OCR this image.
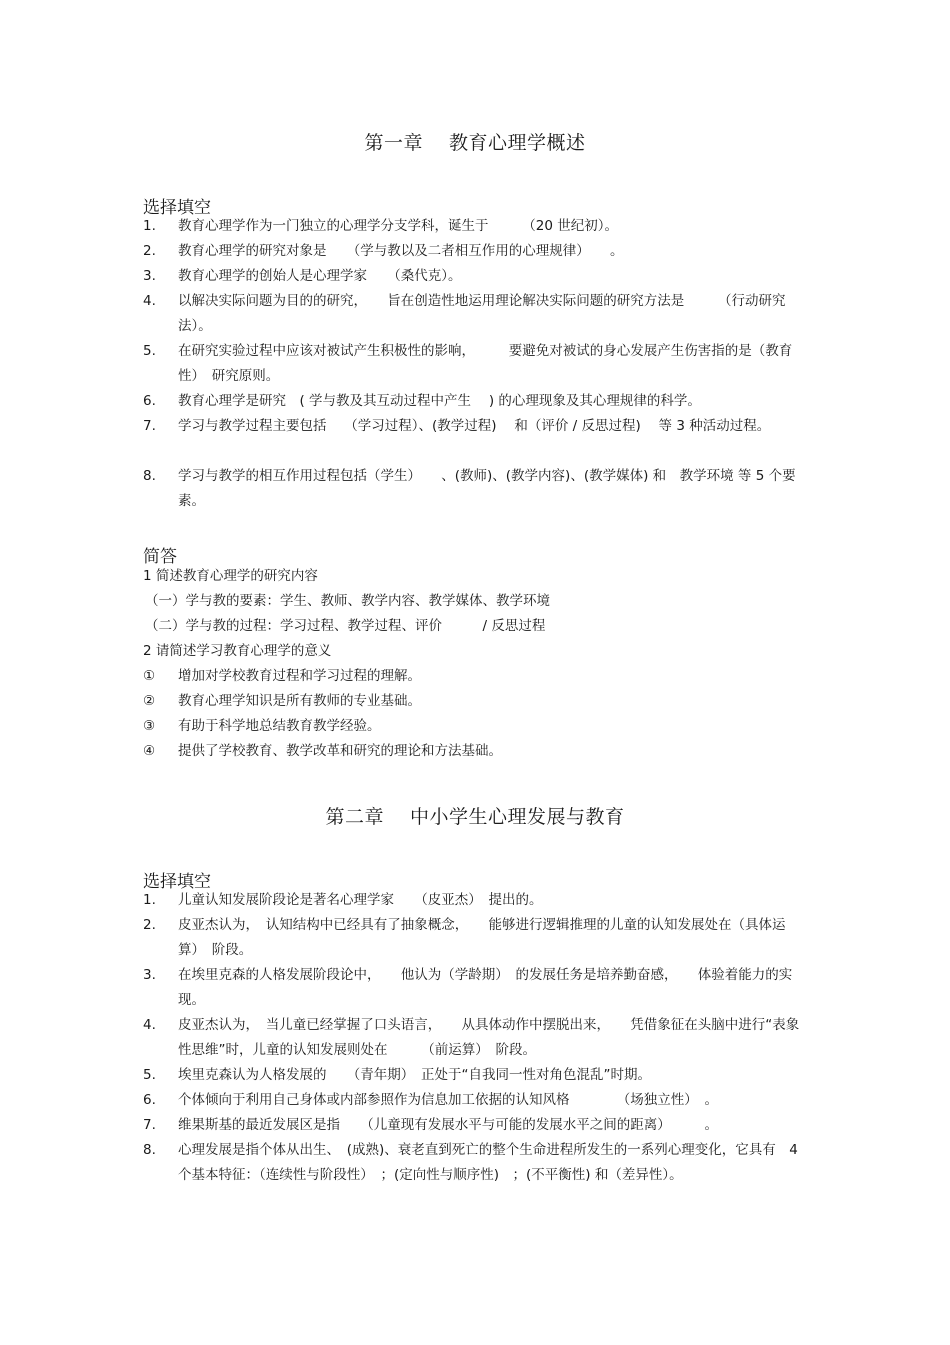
第一章　 教育心理学概述
选择填空
1.	教育心理学作为一门独立的心理学分支学科，诞生于　　　（20 世纪初）。
2.	教育心理学的研究对象是　　（学与教以及二者相互作用的心理规律）　　。
3.	教育心理学的创始人是心理学家　　（桑代克）。
4.	以解决实际问题为目的的研究，　　旨在创造性地运用理论解决实际问题的研究方法是　　　（行动研究法）。
5.	在研究实验过程中应该对被试产生积极性的影响，　　　要避免对被试的身心发展产生伤害指的是（教育性）　研究原则。
6.	教育心理学是研究　( 学与教及其互动过程中产生　 ) 的心理现象及其心理规律的科学。
7.	学习与教学过程主要包括　 （学习过程）、(教学过程)　 和（评价 / 反思过程)　 等 3 种活动过程。
8.	学习与教学的相互作用过程包括（学生）　　、(教师)、(教学内容)、(教学媒体) 和　教学环境 等 5 个要素。
简答
1 简述教育心理学的研究内容
（一）学与教的要素：学生、教师、教学内容、教学媒体、教学环境
（二）学与教的过程：学习过程、教学过程、评价　　　/ 反思过程
2 请简述学习教育心理学的意义
①	增加对学校教育过程和学习过程的理解。
②	教育心理学知识是所有教师的专业基础。
③	有助于科学地总结教育教学经验。
④	提供了学校教育、教学改革和研究的理论和方法基础。
第二章　 中小学生心理发展与教育
选择填空
1.	儿童认知发展阶段论是著名心理学家　　（皮亚杰）　提出的。
2.	皮亚杰认为，　认知结构中已经具有了抽象概念，　　能够进行逻辑推理的儿童的认知发展处在（具体运算）　阶段。
3.	在埃里克森的人格发展阶段论中，　　他认为（学龄期）　的发展任务是培养勤奋感，　　体验着能力的实现。
4.	皮亚杰认为，　当儿童已经掌握了口头语言，　　从具体动作中摆脱出来，　　凭借象征在头脑中进行“表象性思维”时，儿童的认知发展则处在　　　（前运算）　阶段。
5.	埃里克森认为人格发展的　　（青年期）　正处于“自我同一性对角色混乱”时期。
6.	个体倾向于利用自己身体或内部参照作为信息加工依据的认知风格　　　　（场独立性）　。
7.	维果斯基的最近发展区是指　　（儿童现有发展水平与可能的发展水平之间的距离）　　　。
8.	心理发展是指个体从出生、　(成熟)、衰老直到死亡的整个生命进程所发生的一系列心理变化，它具有　4 个基本特征：（连续性与阶段性）　；(定向性与顺序性)　；(不平衡性) 和（差异性）。
